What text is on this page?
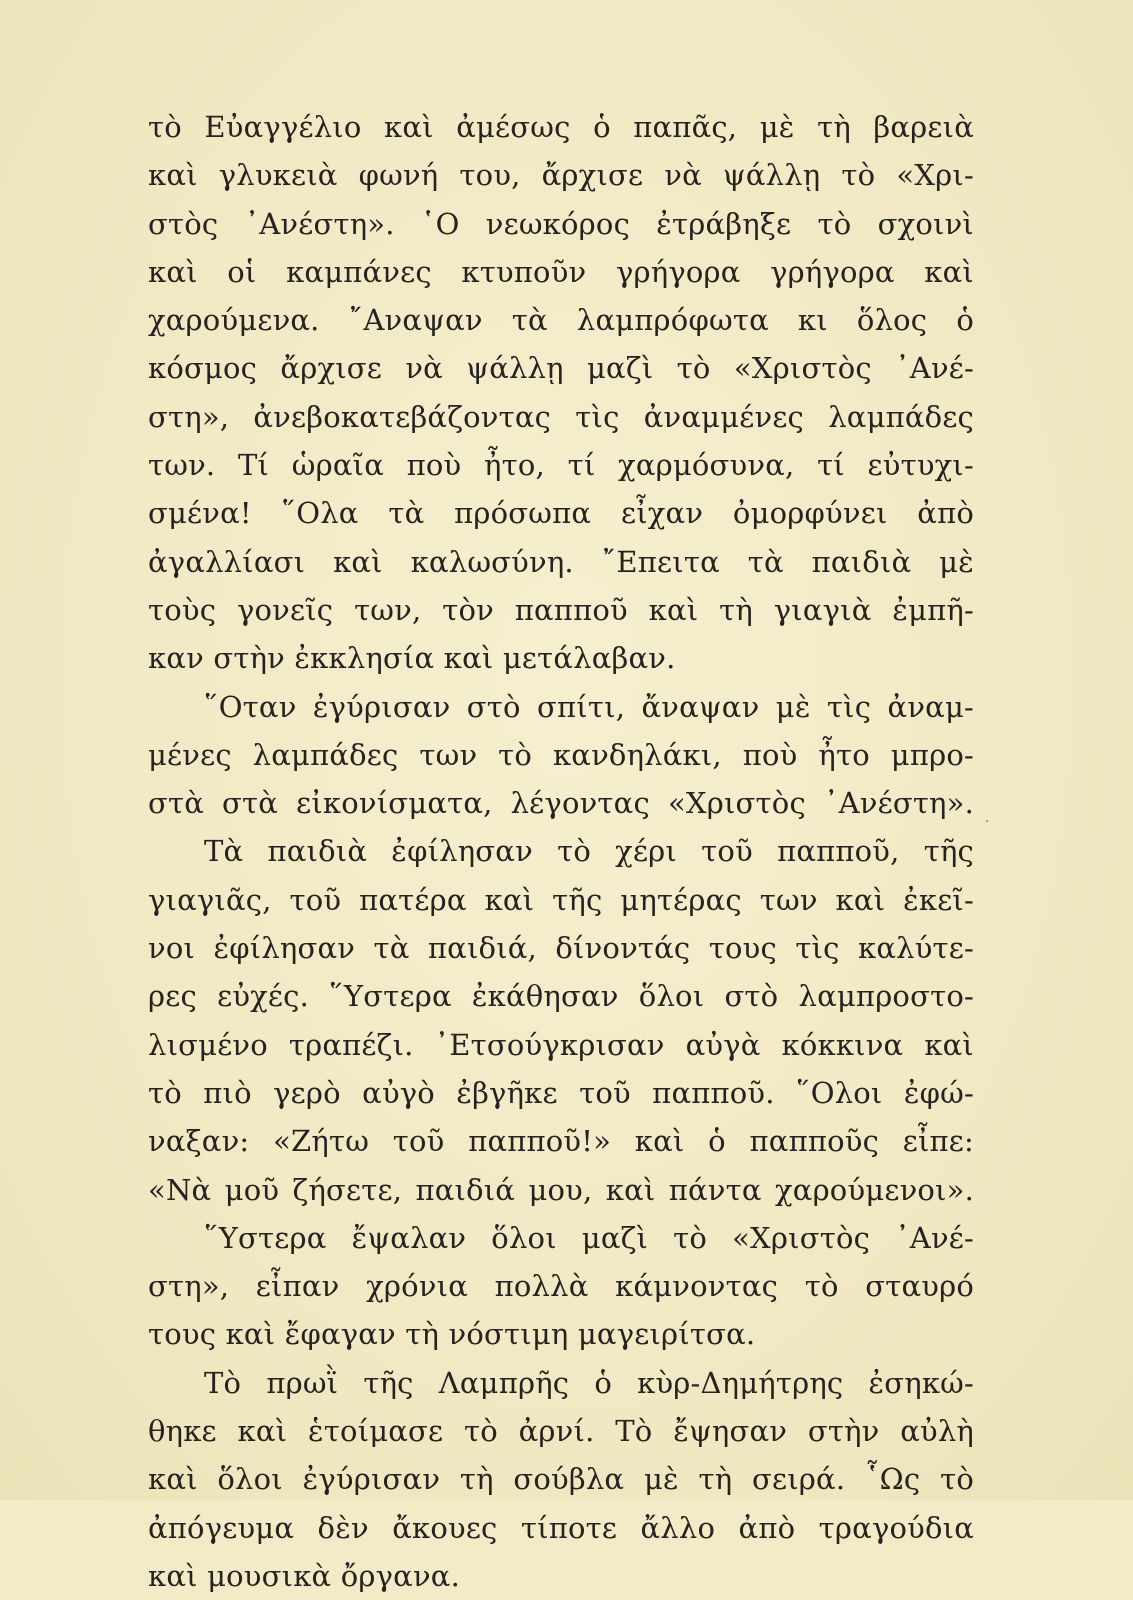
τὸ Εὐαγγέλιο καὶ ἀμέσως ὁ παπᾶς, μὲ τὴ βαρειὰ
καὶ γλυκειὰ φωνή του, ἄρχισε νὰ ψάλλῃ τὸ «Χρι-
στὸς ᾽Ανέστη». ῾Ο νεωκόρος ἐτράβηξε τὸ σχοινὶ
καὶ οἱ καμπάνες κτυποῦν γρήγορα γρήγορα καὶ
χαρούμενα. ῎Αναψαν τὰ λαμπρόφωτα κι ὅλος ὁ
κόσμος ἄρχισε νὰ ψάλλῃ μαζὶ τὸ «Χριστὸς ᾽Ανέ-
στη», ἀνεβοκατεβάζοντας τὶς ἀναμμένες λαμπάδες
των. Τί ὡραῖα ποὺ ἦτο, τί χαρμόσυνα, τί εὐτυχι-
σμένα! ῞Ολα τὰ πρόσωπα εἶχαν ὀμορφύνει ἀπὸ
ἀγαλλίασι καὶ καλωσύνη. ῎Επειτα τὰ παιδιὰ μὲ
τοὺς γονεῖς των, τὸν παπποῦ καὶ τὴ γιαγιὰ ἐμπῆ-
καν στὴν ἐκκλησία καὶ μετάλαβαν.
῞Οταν ἐγύρισαν στὸ σπίτι, ἄναψαν μὲ τὶς ἀναμ-
μένες λαμπάδες των τὸ κανδηλάκι, ποὺ ἦτο μπρο-
στὰ στὰ εἰκονίσματα, λέγοντας «Χριστὸς ᾽Ανέστη».
Τὰ παιδιὰ ἐφίλησαν τὸ χέρι τοῦ παπποῦ, τῆς
γιαγιᾶς, τοῦ πατέρα καὶ τῆς μητέρας των καὶ ἐκεῖ-
νοι ἐφίλησαν τὰ παιδιά, δίνοντάς τους τὶς καλύτε-
ρες εὐχές. ῞Υστερα ἐκάθησαν ὅλοι στὸ λαμπροστο-
λισμένο τραπέζι. ᾽Ετσούγκρισαν αὐγὰ κόκκινα καὶ
τὸ πιὸ γερὸ αὐγὸ ἐβγῆκε τοῦ παπποῦ. ῞Ολοι ἐφώ-
ναξαν: «Ζήτω τοῦ παπποῦ!» καὶ ὁ παπποῦς εἶπε:
«Νὰ μοῦ ζήσετε, παιδιά μου, καὶ πάντα χαρούμενοι».
῞Υστερα ἔψαλαν ὅλοι μαζὶ τὸ «Χριστὸς ᾽Ανέ-
στη», εἶπαν χρόνια πολλὰ κάμνοντας τὸ σταυρό
τους καὶ ἔφαγαν τὴ νόστιμη μαγειρίτσα.
Τὸ πρωῒ τῆς Λαμπρῆς ὁ κὺρ-Δημήτρης ἐσηκώ-
θηκε καὶ ἑτοίμασε τὸ ἀρνί. Τὸ ἔψησαν στὴν αὐλὴ
καὶ ὅλοι ἐγύρισαν τὴ σούβλα μὲ τὴ σειρά. ῟Ως τὸ
ἀπόγευμα δὲν ἄκουες τίποτε ἄλλο ἀπὸ τραγούδια
καὶ μουσικὰ ὄργανα.
